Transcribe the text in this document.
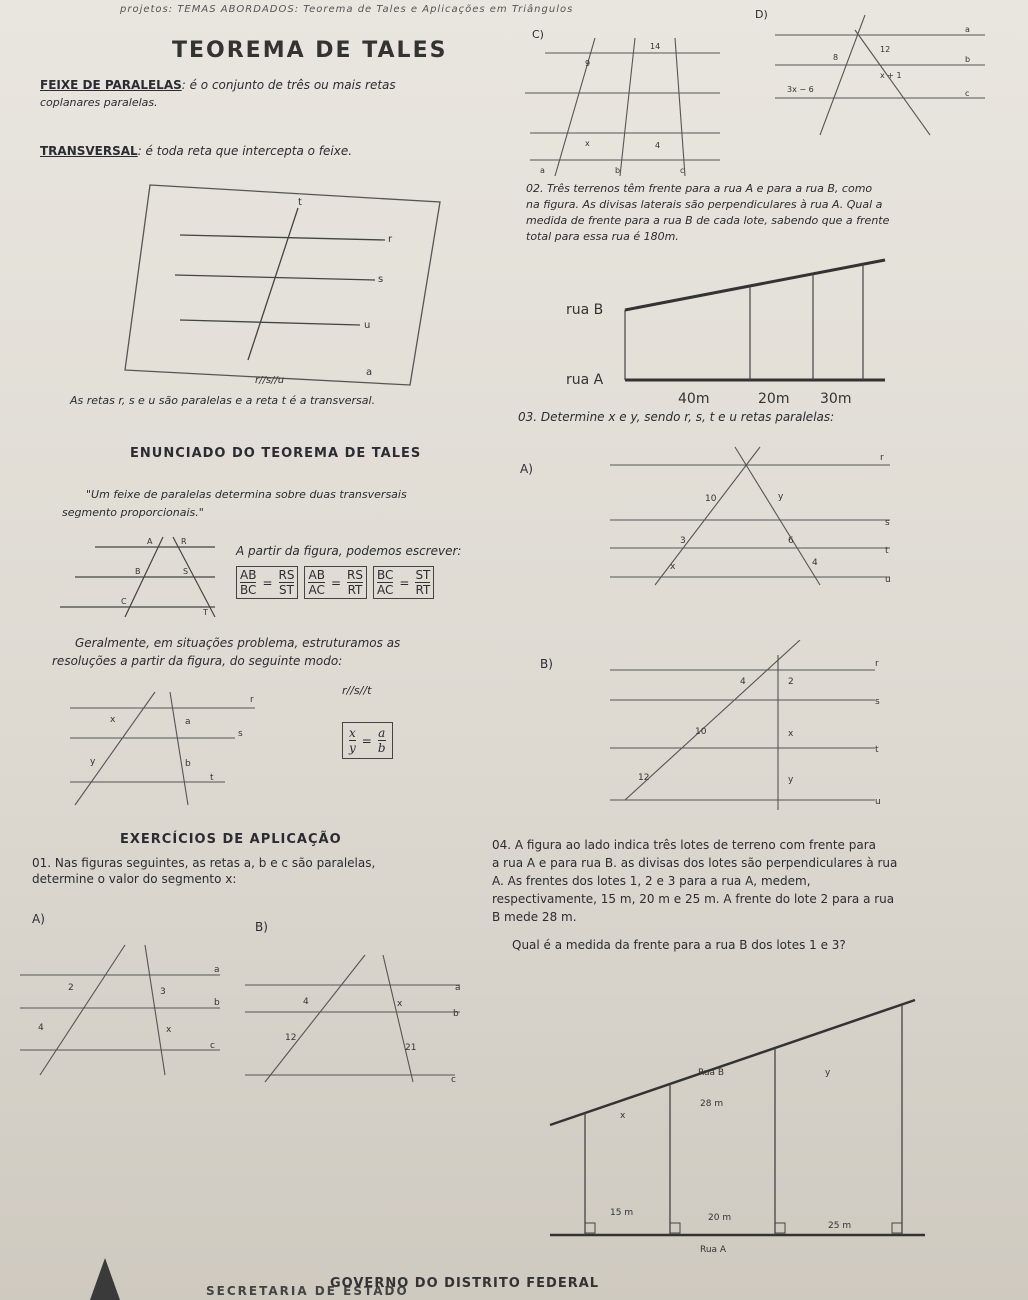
projetos: TEMAS ABORDADOS: Teorema de Tales e Aplicações em Triângulos
TEOREMA DE TALES
FEIXE DE PARALELAS: é o conjunto de três ou mais retas
coplanares paralelas.
TRANSVERSAL: é toda reta que intercepta o feixe.
t
r
s
u
a
r//s//u
As retas r, s e u são paralelas e a reta t é a transversal.
ENUNCIADO DO TEOREMA DE TALES
"Um feixe de paralelas determina sobre duas transversais
segmento proporcionais."
A	R
B	S
C
T
A partir da figura, podemos escrever:
$\frac{AB}{BC} = \frac{RS}{ST} \frac{AB}{AC} = \frac{RS}{RT} \frac{BC}{AC} = \frac{ST}{RT}$
Geralmente, em situações problema, estruturamos as
resoluções a partir da figura, do seguinte modo:
r
x	a
s
y	b
t
r//s//t
$\frac{x}{y} = \frac{a}{b}$
EXERCÍCIOS DE APLICAÇÃO
01. Nas figuras seguintes, as retas a, b e c são paralelas,
determine o valor do segmento x:
A)
B)
2	3
a
b
4	x
c
a
4	x
b
12
21
c
C)
14
9
x	4
a	b	c
D)
a
8
12
b
3x − 6
x + 1
c
02. Três terrenos têm frente para a rua A e para a rua B, como
na figura. As divisas laterais são perpendiculares à rua A. Qual a
medida de frente para a rua B de cada lote, sabendo que a frente
total para essa rua é 180m.
rua B
rua A
40m	20m 30m
03. Determine x e y, sendo r, s, t e u retas paralelas:
A)
r
10	y
s
3	6
t
x	4
u
B)	r
4	2
s
10	x
t
12	y
u
04. A figura ao lado indica três lotes de terreno com frente para
a rua A e para rua B. as divisas dos lotes são perpendiculares à rua
A. As frentes dos lotes 1, 2 e 3 para a rua A, medem,
respectivamente, 15 m, 20 m e 25 m. A frente do lote 2 para a rua
B mede 28 m.
Qual é a medida da frente para a rua B dos lotes 1 e 3?
Rua B	y
28 m
x
15 m	20 m
25 m
Rua A
SECRETARIA DE ESTADO
GOVERNO DO DISTRITO FEDERAL
